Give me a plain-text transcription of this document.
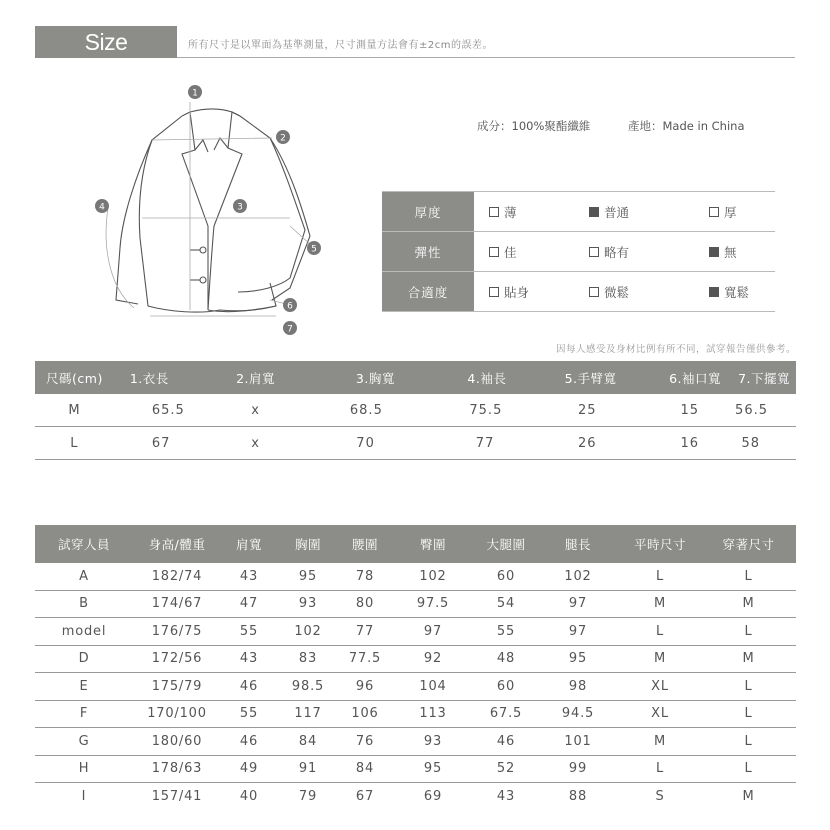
Size Information
所有尺寸是以單面為基準測量，尺寸測量方法會有±2cm的誤差。
1
2
3
4
5
6
7
成分：100%聚酯纖維	產地：Made in China
厚度	薄	普通	厚
彈性	佳	略有	無
合適度	貼身	微鬆	寬鬆
因每人感受及身材比例有所不同，試穿報告僅供參考。
尺碼(cm)	1.衣長	2.肩寬	3.胸寬	4.袖長	5.手臂寬	6.袖口寬	7.下擺寬
M	65.5	x	68.5	75.5	25	15	56.5
L	67	x	70	77	26	16	58
試穿人員	身高/體重	肩寬	胸圍	腰圍	臀圍	大腿圍	腿長	平時尺寸	穿著尺寸
A	182/74	43	95	78	102	60	102	L	L
B	174/67	47	93	80	97.5	54	97	M	M
model	176/75	55	102	77	97	55	97	L	L
D	172/56	43	83	77.5	92	48	95	M	M
E	175/79	46	98.5	96	104	60	98	XL	L
F	170/100	55	117	106	113	67.5	94.5	XL	L
G	180/60	46	84	76	93	46	101	M	L
H	178/63	49	91	84	95	52	99	L	L
I	157/41	40	79	67	69	43	88	S	M
